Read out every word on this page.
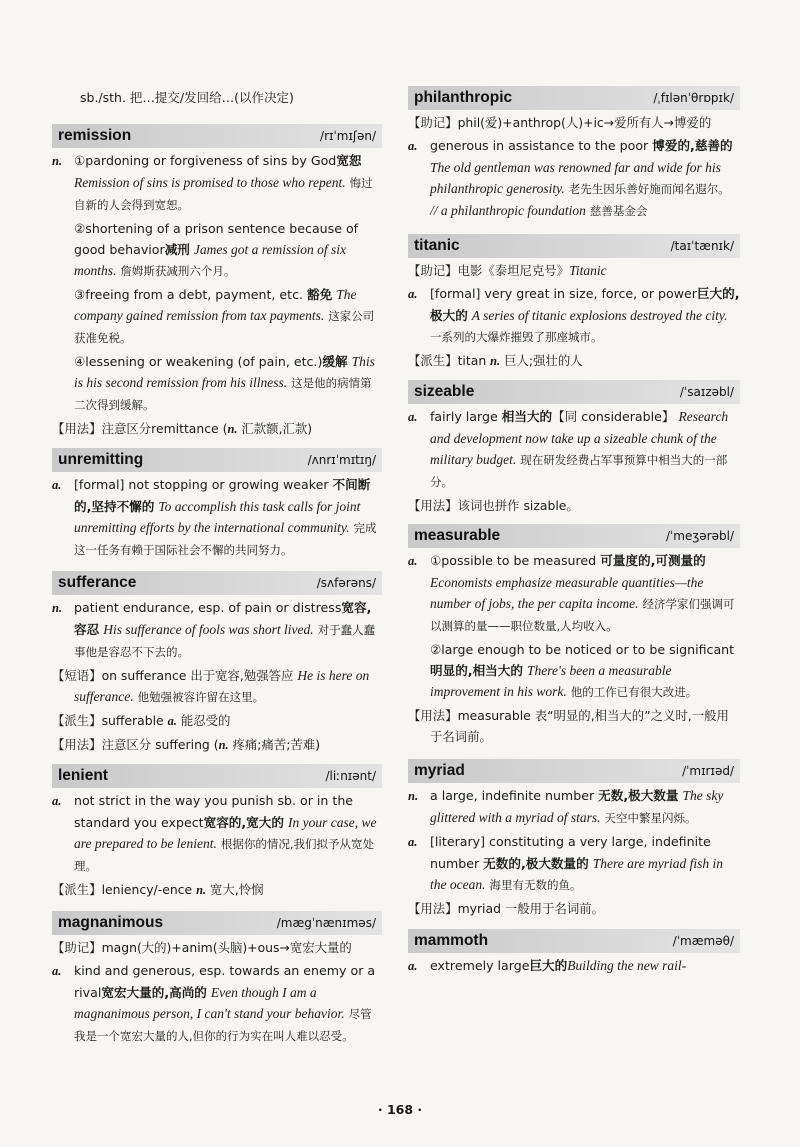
sb./sth. 把…提交/发回给…(以作决定)
remission	/rɪˈmɪʃən/
n. ①pardoning or forgiveness of sins by God宽恕 Remission of sins is promised to those who repent. 悔过自新的人会得到宽恕。
②shortening of a prison sentence because of good behavior减刑 James got a remission of six months. 詹姆斯获减刑六个月。
③freeing from a debt, payment, etc. 豁免 The company gained remission from tax payments. 这家公司获准免税。
④lessening or weakening (of pain, etc.)缓解 This is his second remission from his illness. 这是他的病情第二次得到缓解。
【用法】注意区分remittance (n. 汇款额,汇款)
unremitting	/ʌnrɪˈmɪtɪŋ/
a. [formal] not stopping or growing weaker 不间断的,坚持不懈的 To accomplish this task calls for joint unremitting efforts by the international community. 完成这一任务有赖于国际社会不懈的共同努力。
sufferance	/sʌfərəns/
n. patient endurance, esp. of pain or distress宽容,容忍 His sufferance of fools was short lived. 对于蠢人蠢事他是容忍不下去的。
【短语】on sufferance 出于宽容,勉强答应 He is here on sufferance. 他勉强被容许留在这里。
【派生】sufferable a. 能忍受的
【用法】注意区分 suffering (n. 疼痛;痛苦;苦难)
lenient	/liːnɪənt/
a. not strict in the way you punish sb. or in the standard you expect宽容的,宽大的 In your case, we are prepared to be lenient. 根据你的情况,我们拟予从宽处理。
【派生】leniency/-ence n. 宽大,怜悯
magnanimous	/mægˈnænɪməs/
【助记】magn(大的)+anim(头脑)+ous→宽宏大量的
a. kind and generous, esp. towards an enemy or a rival宽宏大量的,高尚的 Even though I am a magnanimous person, I can't stand your behavior. 尽管我是一个宽宏大量的人,但你的行为实在叫人难以忍受。
philanthropic	/ˌfɪlənˈθrɒpɪk/
【助记】phil(爱)+anthrop(人)+ic→爱所有人→博爱的
a. generous in assistance to the poor 博爱的,慈善的 The old gentleman was renowned far and wide for his philanthropic generosity. 老先生因乐善好施而闻名遐尔。 // a philanthropic foundation 慈善基金会
titanic	/taɪˈtænɪk/
【助记】电影《泰坦尼克号》Titanic
a. [formal] very great in size, force, or power巨大的,极大的 A series of titanic explosions destroyed the city. 一系列的大爆炸摧毁了那座城市。
【派生】titan n. 巨人;强壮的人
sizeable	/ˈsaɪzəbl/
a. fairly large 相当大的【同 considerable】 Research and development now take up a sizeable chunk of the military budget. 现在研发经费占军事预算中相当大的一部分。
【用法】该词也拼作 sizable。
measurable	/ˈmeʒərəbl/
a. ①possible to be measured 可量度的,可测量的 Economists emphasize measurable quantities—the number of jobs, the per capita income. 经济学家们强调可以测算的量——职位数量,人均收入。
②large enough to be noticed or to be significant 明显的,相当大的 There's been a measurable improvement in his work. 他的工作已有很大改进。
【用法】measurable 表“明显的,相当大的”之义时,一般用于名词前。
myriad	/ˈmɪrɪəd/
n. a large, indefinite number 无数,极大数量 The sky glittered with a myriad of stars. 天空中繁星闪烁。
a. [literary] constituting a very large, indefinite number 无数的,极大数量的 There are myriad fish in the ocean. 海里有无数的鱼。
【用法】myriad 一般用于名词前。
mammoth	/ˈmæməθ/
a. extremely large巨大的Building the new rail-
· 168 ·
